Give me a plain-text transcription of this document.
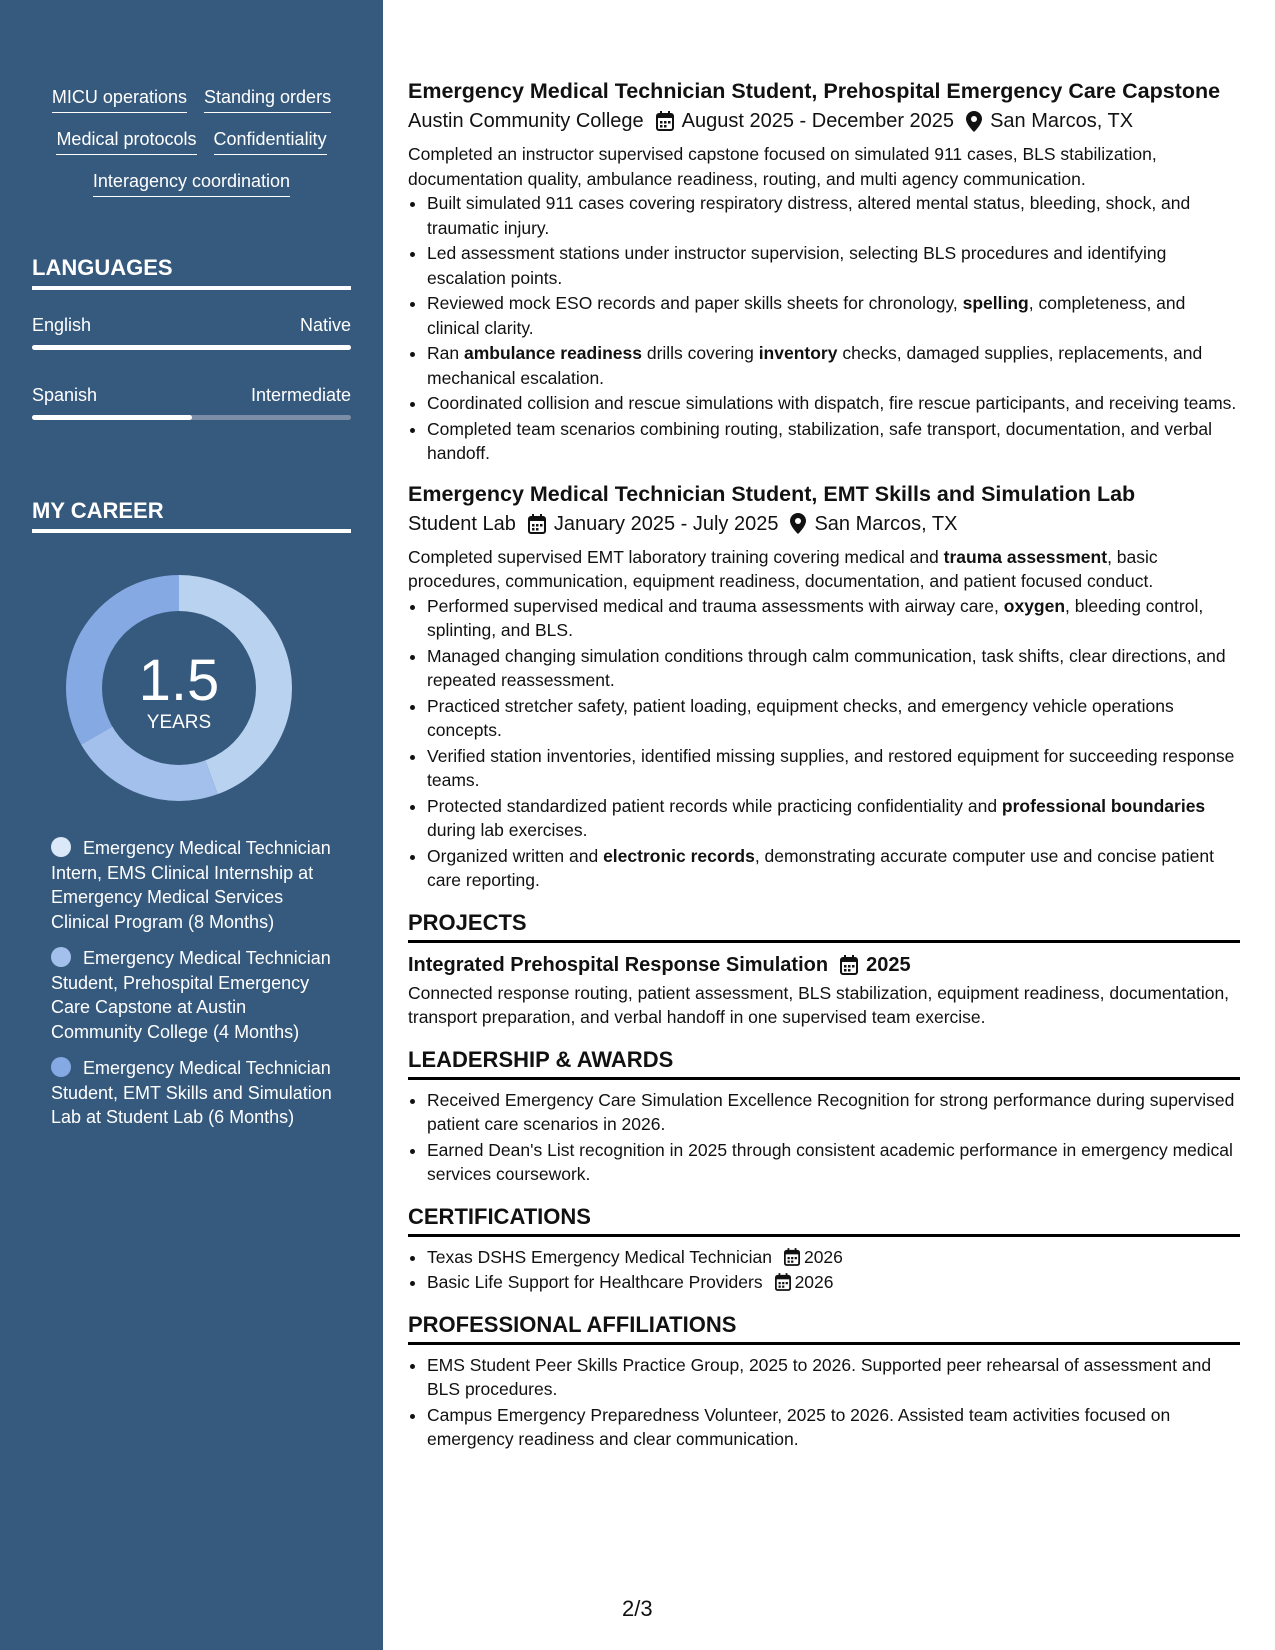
MICU operations Standing orders
Medical protocols Confidentiality
Interagency coordination
LANGUAGES
English	Native
Spanish	Intermediate
MY CAREER
1.5
YEARS
Emergency Medical Technician Intern, EMS Clinical Internship at Emergency Medical Services Clinical Program (8 Months)
Emergency Medical Technician Student, Prehospital Emergency Care Capstone at Austin Community College (4 Months)
Emergency Medical Technician Student, EMT Skills and Simulation Lab at Student Lab (6 Months)
Emergency Medical Technician Student, Prehospital Emergency Care Capstone
Austin Community College August 2025 - December 2025 San Marcos, TX
Completed an instructor supervised capstone focused on simulated 911 cases, BLS stabilization, documentation quality, ambulance readiness, routing, and multi agency communication.
• Built simulated 911 cases covering respiratory distress, altered mental status, bleeding, shock, and traumatic injury.
• Led assessment stations under instructor supervision, selecting BLS procedures and identifying escalation points.
• Reviewed mock ESO records and paper skills sheets for chronology, spelling, completeness, and clinical clarity.
• Ran ambulance readiness drills covering inventory checks, damaged supplies, replacements, and mechanical escalation.
• Coordinated collision and rescue simulations with dispatch, fire rescue participants, and receiving teams.
• Completed team scenarios combining routing, stabilization, safe transport, documentation, and verbal handoff.
Emergency Medical Technician Student, EMT Skills and Simulation Lab
Student Lab January 2025 - July 2025 San Marcos, TX
Completed supervised EMT laboratory training covering medical and trauma assessment, basic procedures, communication, equipment readiness, documentation, and patient focused conduct.
• Performed supervised medical and trauma assessments with airway care, oxygen, bleeding control, splinting, and BLS.
• Managed changing simulation conditions through calm communication, task shifts, clear directions, and repeated reassessment.
• Practiced stretcher safety, patient loading, equipment checks, and emergency vehicle operations concepts.
• Verified station inventories, identified missing supplies, and restored equipment for succeeding response teams.
• Protected standardized patient records while practicing confidentiality and professional boundaries during lab exercises.
• Organized written and electronic records, demonstrating accurate computer use and concise patient care reporting.
PROJECTS
Integrated Prehospital Response Simulation 2025
Connected response routing, patient assessment, BLS stabilization, equipment readiness, documentation, transport preparation, and verbal handoff in one supervised team exercise.
LEADERSHIP & AWARDS
• Received Emergency Care Simulation Excellence Recognition for strong performance during supervised patient care scenarios in 2026.
• Earned Dean's List recognition in 2025 through consistent academic performance in emergency medical services coursework.
CERTIFICATIONS
• Texas DSHS Emergency Medical Technician 2026
• Basic Life Support for Healthcare Providers 2026
PROFESSIONAL AFFILIATIONS
• EMS Student Peer Skills Practice Group, 2025 to 2026. Supported peer rehearsal of assessment and BLS procedures.
• Campus Emergency Preparedness Volunteer, 2025 to 2026. Assisted team activities focused on emergency readiness and clear communication.
2/3
